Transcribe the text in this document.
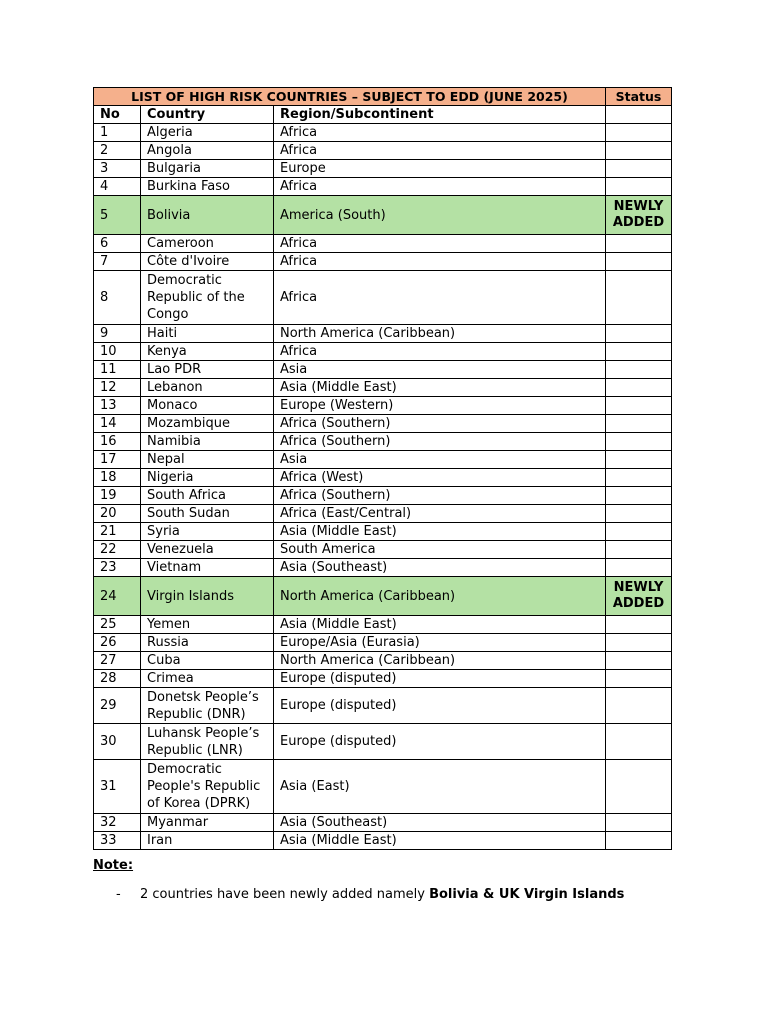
LIST OF HIGH RISK COUNTRIES – SUBJECT TO EDD (JUNE 2025)			Status
No	Country	Region/Subcontinent	
1	Algeria	Africa	
2	Angola	Africa	
3	Bulgaria	Europe	
4	Burkina Faso	Africa	
5	Bolivia	America (South)	NEWLY ADDED
6	Cameroon	Africa	
7	Côte d'Ivoire	Africa	
8	Democratic Republic of the Congo	Africa	
9	Haiti	North America (Caribbean)	
10	Kenya	Africa	
11	Lao PDR	Asia	
12	Lebanon	Asia (Middle East)	
13	Monaco	Europe (Western)	
14	Mozambique	Africa (Southern)	
16	Namibia	Africa (Southern)	
17	Nepal	Asia	
18	Nigeria	Africa (West)	
19	South Africa	Africa (Southern)	
20	South Sudan	Africa (East/Central)	
21	Syria	Asia (Middle East)	
22	Venezuela	South America	
23	Vietnam	Asia (Southeast)	
24	Virgin Islands	North America (Caribbean)	NEWLY ADDED
25	Yemen	Asia (Middle East)	
26	Russia	Europe/Asia (Eurasia)	
27	Cuba	North America (Caribbean)	
28	Crimea	Europe (disputed)	
29	Donetsk People’s Republic (DNR)	Europe (disputed)	
30	Luhansk People’s Republic (LNR)	Europe (disputed)	
31	Democratic People's Republic of Korea (DPRK)	Asia (East)	
32	Myanmar	Asia (Southeast)	
33	Iran	Asia (Middle East)	
Note:
- 2 countries have been newly added namely Bolivia & UK Virgin Islands
